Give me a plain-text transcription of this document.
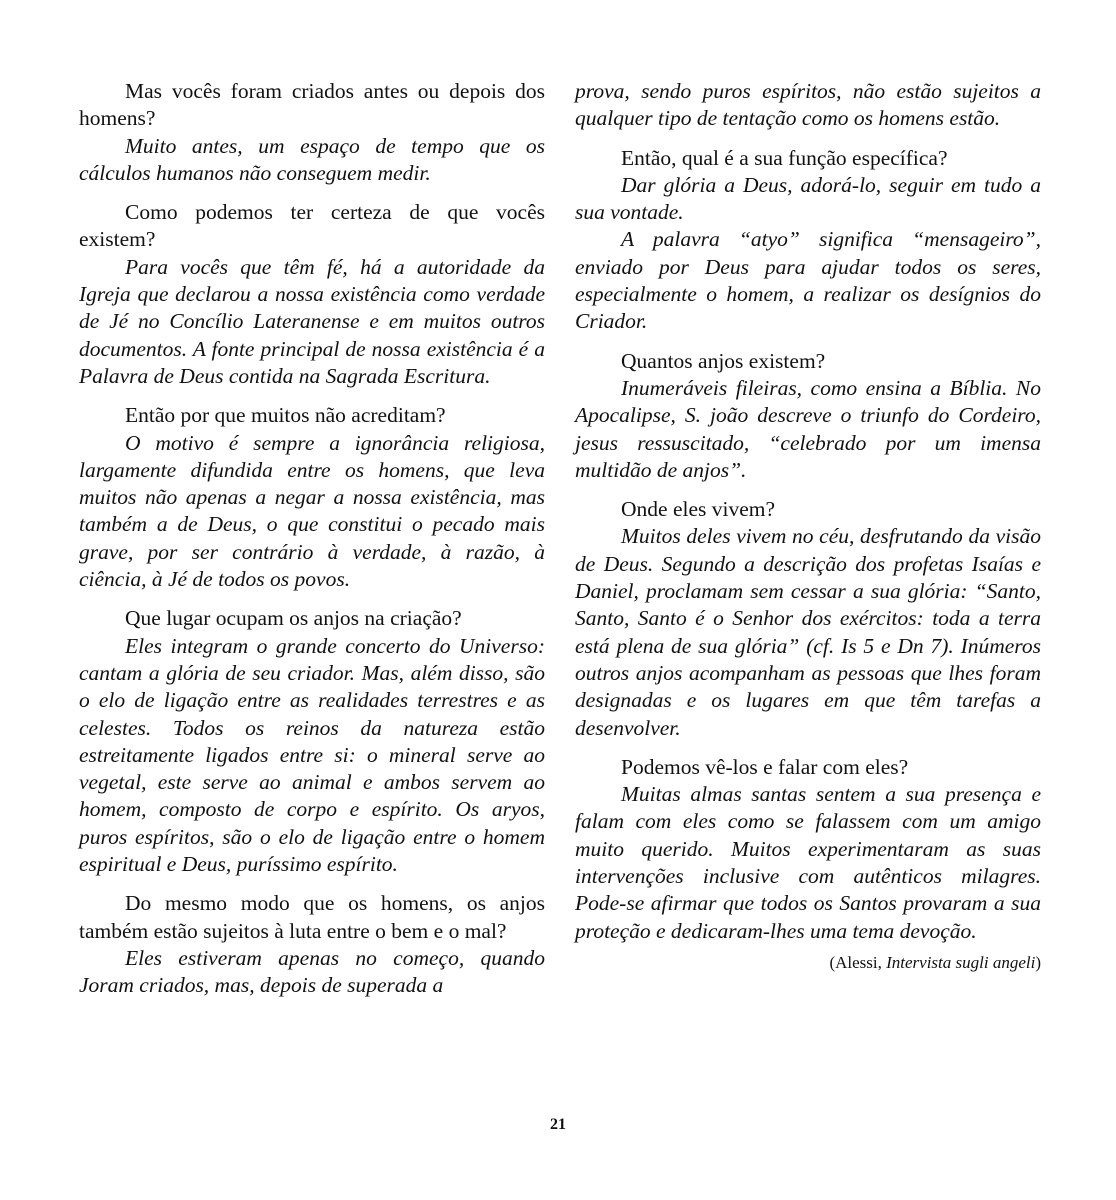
Mas vocês foram criados antes ou depois dos homens?

Muito antes, um espaço de tempo que os cálculos humanos não conseguem medir.

Como podemos ter certeza de que vocês existem?

Para vocês que têm fé, há a autoridade da Igreja que declarou a nossa existência como verdade de Jé no Concílio Lateranense e em muitos outros documentos. A fonte principal de nossa existência é a Palavra de Deus contida na Sagrada Escritura.

Então por que muitos não acreditam?

O motivo é sempre a ignorância religiosa, largamente difundida entre os homens, que leva muitos não apenas a negar a nossa existência, mas também a de Deus, o que constitui o pecado mais grave, por ser contrário à verdade, à razão, à ciência, à Jé de todos os povos.

Que lugar ocupam os anjos na criação?

Eles integram o grande concerto do Universo: cantam a glória de seu criador. Mas, além disso, são o elo de ligação entre as realidades terrestres e as celestes. Todos os reinos da natureza estão estreitamente ligados entre si: o mineral serve ao vegetal, este serve ao animal e ambos servem ao homem, composto de corpo e espírito. Os aryos, puros espíritos, são o elo de ligação entre o homem espiritual e Deus, puríssimo espírito.

Do mesmo modo que os homens, os anjos também estão sujeitos à luta entre o bem e o mal?

Eles estiveram apenas no começo, quando Joram criados, mas, depois de superada a

prova, sendo puros espíritos, não estão sujeitos a qualquer tipo de tentação como os homens estão.

Então, qual é a sua função específica?

Dar glória a Deus, adorá-lo, seguir em tudo a sua vontade.

A palavra “atyo” significa “mensageiro”, enviado por Deus para ajudar todos os seres, especialmente o homem, a realizar os desígnios do Criador.

Quantos anjos existem?

Inumeráveis fileiras, como ensina a Bíblia. No Apocalipse, S. joão descreve o triunfo do Cordeiro, jesus ressuscitado, “celebrado por um imensa multidão de anjos”.

Onde eles vivem?

Muitos deles vivem no céu, desfrutando da visão de Deus. Segundo a descrição dos profetas Isaías e Daniel, proclamam sem cessar a sua glória: “Santo, Santo, Santo é o Senhor dos exércitos: toda a terra está plena de sua glória” (cf. Is 5 e Dn 7). Inúmeros outros anjos acompanham as pessoas que lhes foram designadas e os lugares em que têm tarefas a desenvolver.

Podemos vê-los e falar com eles?

Muitas almas santas sentem a sua presença e falam com eles como se falassem com um amigo muito querido. Muitos experimentaram as suas intervenções inclusive com autênticos milagres. Pode-se afirmar que todos os Santos provaram a sua proteção e dedicaram-lhes uma tema devoção.

(Alessi, Intervista sugli angeli)

21
